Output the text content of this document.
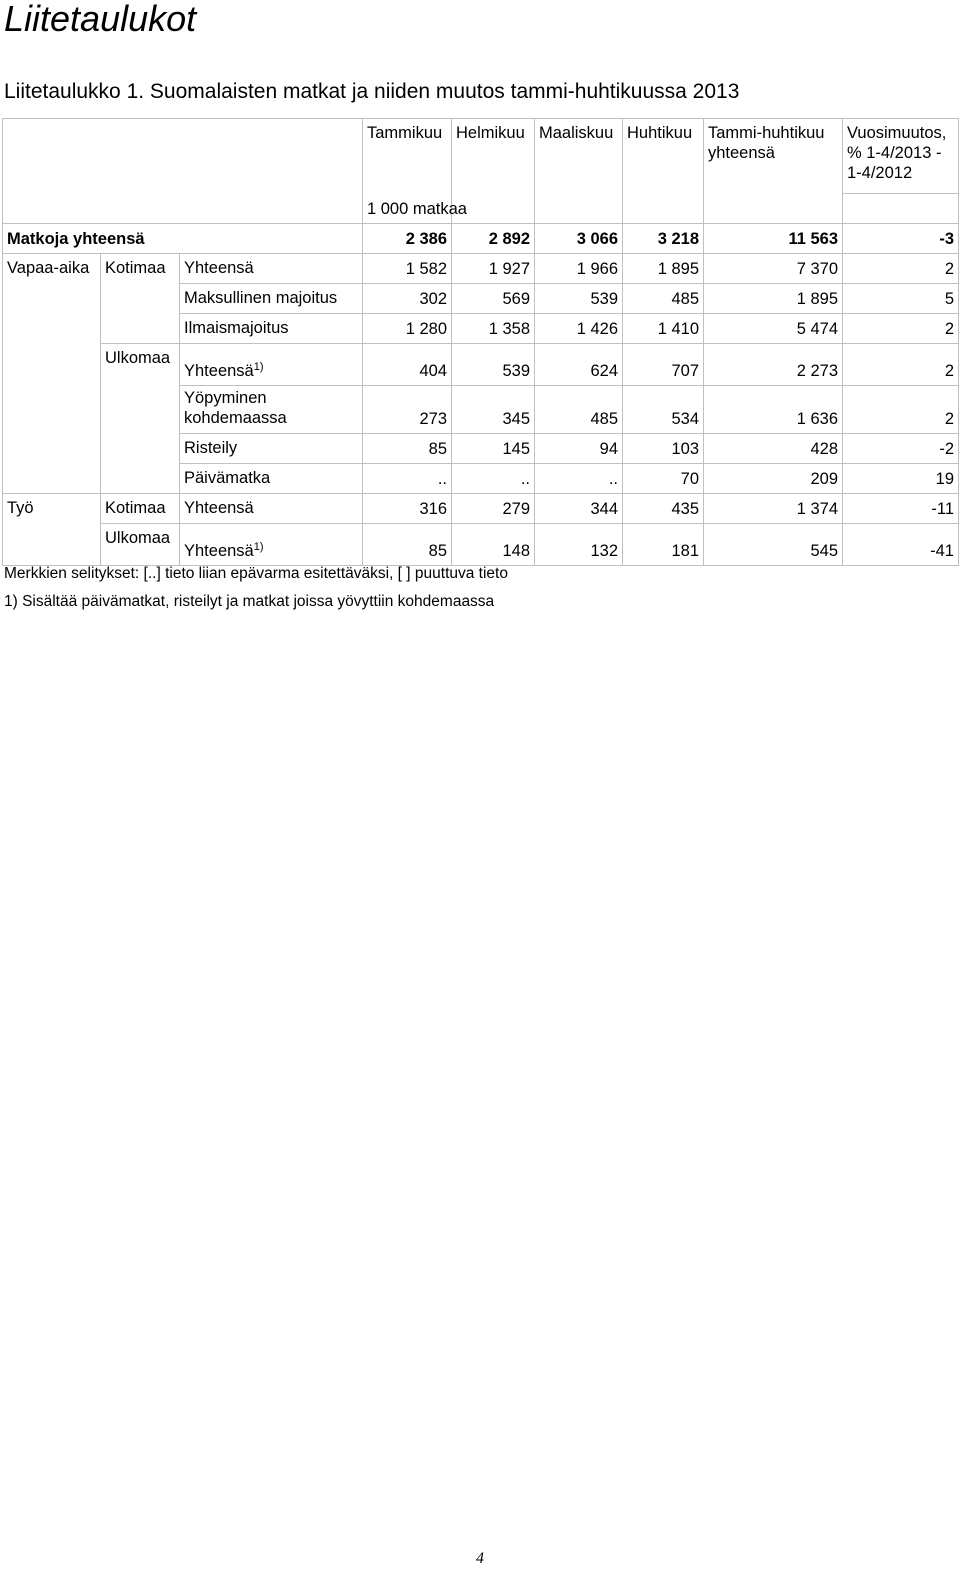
Liitetaulukot
Liitetaulukko 1. Suomalaisten matkat ja niiden muutos tammi-huhtikuussa 2013
			Tammikuu	Helmikuu	Maaliskuu	Huhtikuu	Tammi-huhtikuu yhteensä	Vuosimuutos, % 1-4/2013 - 1-4/2012
			1 000 matkaa					
Matkoja yhteensä			2 386	2 892	3 066	3 218	11 563	-3
Vapaa-aika	Kotimaa	Yhteensä	1 582	1 927	1 966	1 895	7 370	2
		Maksullinen majoitus	302	569	539	485	1 895	5
		Ilmaismajoitus	1 280	1 358	1 426	1 410	5 474	2
	Ulkomaa	Yhteensä$^{1)}$	404	539	624	707	2 273	2
		Yöpyminen kohdemaassa	273	345	485	534	1 636	2
		Risteily	85	145	94	103	428	-2
		Päivämatka	..	..	..	70	209	19
Työ	Kotimaa	Yhteensä	316	279	344	435	1 374	-11
	Ulkomaa	Yhteensä$^{1)}$	85	148	132	181	545	-41

Merkkien selitykset: [..] tieto liian epävarma esitettäväksi, [ ] puuttuva tieto

1) Sisältää päivämatkat, risteilyt ja matkat joissa yövyttiin kohdemaassa

4
